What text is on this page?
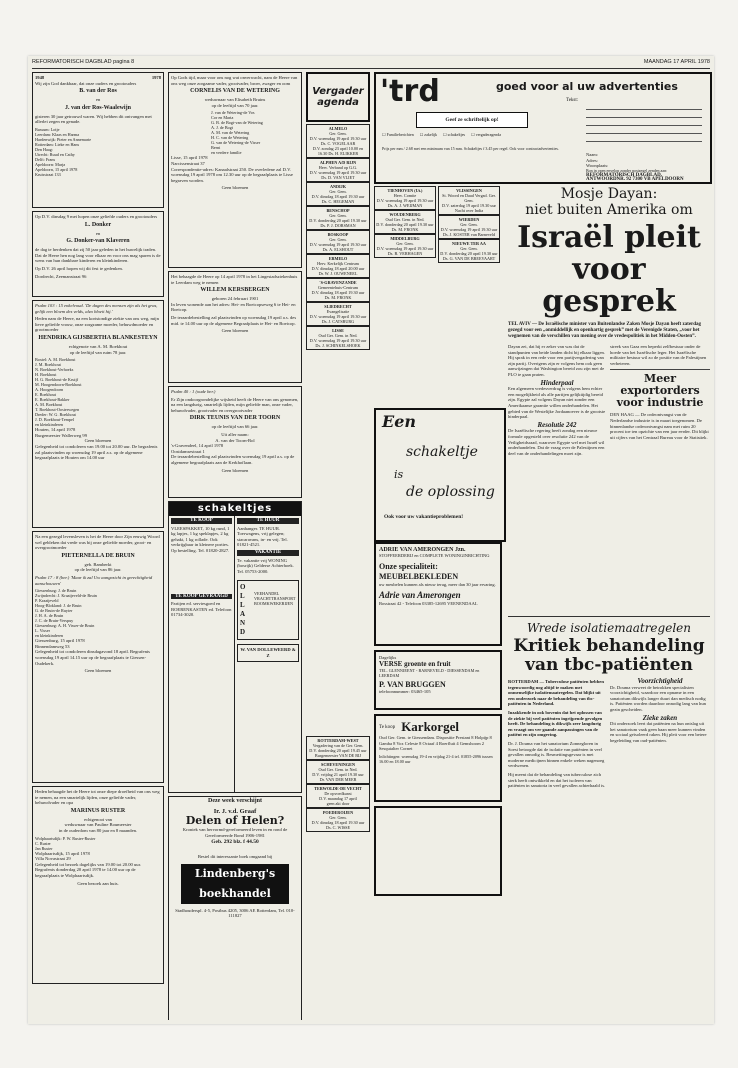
REFORMATORISCH DAGBLAD pagina 8	MAANDAG 17 APRIL 1978
1948	1978

Wij zijn God dankbaar, dat onze ouders en grootouders

B. van der Ros
en
J. van der Ros-Waalewijn

gisteren 30 jaar getrouwd waren. Wij hebben dit ontvangen met allerlei zegen en genade.

Bussum: Lotje
Leerdam: Klaas en Harma
Hardenwijk: Pieter en Annemarie
Rotterdam: Lieke en Hans
Den Haag:
Utrecht: Ruud en Cathy
Delft: Frans
Apeldoorn: Marja
Apeldoorn, 15 april 1978
Kruisstraat 133

Op D.V. dinsdag 9 mei hopen onze geliefde ouders en grootouders

L. Donker
en
G. Donker-van Klaveren

de dag te herdenken dat zij 50 jaar geleden in het huwelijk traden. Dat de Heere hen nog lang voor elkaar en voor ons mag sparen is de wens van hun dankbare kinderen en kleinkinderen.

Op D.V. 26 april hopen wij dit fest te gedenken.

Dordrecht, Zeemanstraat 96

Psalm 103 : 15 enkelvoud. 'De dagen des mensen zijn als het gras, gelijk een bloem des velds, alzo bloeit hij.'

Heden nam de Heere, na een kortstondige ziekte van ons weg, mijn lieve geliefde vrouw, onze zorgzame moeder, behuwdmoeder en grootmoeder

HENDRIKA GIJSBERTHA BLANKESTEYN
echtgenote van A. M. Boekhout

op de leeftijd van ruim 78 jaar.

Boxtel: A. M. Boekhout
J. M. Boekhout
N. Boekhout-Verhoeks
H. Boekhout
H. G. Boekhout-de Kruijf
M. Hoogendoorn-Boekhout
A. Hoogendoorn
E. Boekhout
E. Boekhout-Bakker
A. M. Boekhout
T. Boekhout-Oosterwegen
Dreder: W. G. Boekhout
J. D. Boekhout-Tempel
en kleinkinderen
Houten, 14 april 1978
Burgemeester Wallerweg 99
Geen bloemen

Gelegenheid tot condoleren van 19.00 tot 20.00 uur. De begrafenis zal plaatsvinden op woensdag 19 april a.s. op de algemene begraafplaats te Houten om 14.00 uur

Na een gezegd levensleven is het de Heere door Zijn eeuwig Woord wel gebleken dat vrede was bij onze geliefde moeder, groot- en overgrootmoeder

PIETERNELLA DE BRUIN
geb. Bamberkt

op de leeftijd van 86 jaar.

Psalm 17 : 8 (ber.) 'Maar ik zal Uw aangezicht in gerechtigheid aanschouwen'

Giessenburg: J. de Bruin
Zwijndrecht: J. Kraaijeveld-de Bruin
P. Kraaijeveld
Hoog-Blokland: J. de Bruin
G. de Bruin-de Ruyter
J. H. A. de Bruin
J. C. de Bruin-Verspuy
Giessenburg: A. H. Visser-de Bruin
L. Visser
en kleinkinderen
Giessenburg, 15 april 1978
Binnendamweg 53

Gelegenheid tot condoleren dinsdagavond 18 april. Begrafenis woensdag 19 april 14.15 uur op de begraafplaats te Giessen-Oudekerk.

Geen bloemen

Heden behaagde het de Heere tot onze diepe droefheid van ons weg te nemen, na een smartelijk lijden, onze geliefde vader, behuwdvader en opa

MARINUS RUSTER
echtgenoot van
weduwnaar van Pauline Boumeester

in de ouderdom van 80 jaar en 8 maanden.

Wolphaartsdijk: P. W. Ruster-Ruster
C. Ruster
Jan Ruster
Wolphaartsdijk, 15 april 1978
Villa Novastraat 29

Gelegenheid tot bezoek dagelijks van 19.00 tot 20.00 uur. Begrafenis donderdag 20 april 1978 te 14.00 uur op de begraafplaats te Wolphaartsdijk.

Geen bezoek aan huis.

Op Gods tijd, maar voor ons nog wat onverwacht, nam de Heere van ons weg onze zorgzame vader, grootvader, broer, zwager en oom

CORNELIS VAN DE WETERING
weduwnaar van Elisabeth Bruins

op de leeftijd van 70 jaar.

J. van de Wetering-de Vos
Cor en Maria
G. B. de Bogt-van de Wetering
A. J. de Bogt
A. M. van de Wetering
H. C. van de Wetering
G. van de Wetering-de Visser
Berni
en verdere familie
Lisse, 15 april 1978
Narcissenstraat 37

Correspondentie-adres: Kanaalstraat 250. De overledene zal D.V. woensdag 19 april 1978 om 12.30 uur op de begraafplaats te Lisse begraven worden.

Geen bloemen

Het behaagde de Heere op 14 april 1978 in het Lingestadsziekenhuis te Leerdam weg te nemen

WILLEM KERSBERGEN
geboren 24 februari 1901

In leven wonende aan het adres: Hei- en Boeicopseweg 6 te Hei- en Boeicop.

De teraardebestelling zal plaatsvinden op woensdag 19 april a.s. des mid. te 14.00 uur op de algemene Begraafplaats te Hei- en Boeicop.

Geen bloemen

Psalm 40 : 1 (oude ber.)

Er Zijn ondoorgrondelijke wijsheid heeft de Heere van ons genomen, na een langdurig, smartelijk lijden, mijn geliefde man, onze vader, behuwdvader, grootvader en overgrootvader

DIRK TEUNIS VAN DER TOORN

op de leeftijd van 66 jaar.

Uit aller naam:
A. van der Toorn-Bol
's-Gravendeel, 14 april 1978
Oostdamsestraat 1

De teraardebestelling zal plaatsvinden woensdag 19 april a.s. op de algemene begraafplaats aan de Kerkhoflaan.

Geen bloemen
schakeltjes
TE KOOP

VLEESPAKKET, 10 kg rund, 1 kg lapjes, 1 kg speklapjes, 2 kg gehakt, 1 kg rollade. Ook verkrijgbaar in kleinere porties. Op bestelling. Tel. 01820-2827.

TE KOOP GEVRAAGD

Partijen ed. serviesgoed en BOERENKASTEN ed. Telefoon 01734-3020.

TE HUUR

Aanhanger. TE HUUR. Toerwagens, vrij gelegen; stacaravans, in- en vrij. Tel. 01821-4521.

VAKANTIE

Te. vakantie vrij WONING (bosrijk) Gelderse Achterhoek. Tel. 05753-2000.

O
L
L
A
N
D
VEEHANDEL
VRACHTTRANSPORT
BOOMKWEKERIJEN
W. VAN DOLLEWEERD & Z
Deze week verschijnt
Ir. J. v.d. Graaf
Delen of Helen?

Kroniek van hervormd-gereformeerd leven in en rond de Gereformeerde Bond 1906-1981

Geb. 292 blz. f 44.50

Bestel dit interessante boek omgaand bij

Lindenberg's boekhandel

Stadhouderspl. 4-5, Postbus 4205, 3006 AE Rotterdam, Tel. 010-111827

Vergader agenda
ALMELO
Ger. Gem.
D.V. woensdag 19 april 19.30 uur
Ds. C. VOGELAAR
D.V. zondag 23 april 10.00 en 16.30 Ds. H. ELIKKER
ALPHEN A/D RIJN
Herv. Verband op G.G.
D.V. woensdag 19 april 19.30 uur
Ds. D. VAN VLIET
ANDIJK
Ger. Gem.
D.V. dinsdag 18 april 19.30 uur
Ds. C. HEGEMAN
BENSCHOP
Ger. Gem.
D.V. donderdag 20 april 19.30 uur
Ds. P. J. DORSMAN
BOSKOOP
Ger. Gem.
D.V. woensdag 19 april 19.30 uur
Ds. A. ELSHOUT
ERMELO
Herv. Kerkelijk Centrum
D.V. dinsdag 18 april 20.00 uur
Dr. W. J. OUWENEEL
'S-GRAVENZANDE
Gemeentehuis-Centrum
D.V. dinsdag 18 april 19.30 uur
Ds. M. FRONK
SLIEDRECHT
Evangelisatie
D.V. woensdag 19 april 19.30 uur
Ds. J. CATSBURG
LISSE
Oud Ger. Gem. in Ned.
D.V. woensdag 19 april 19.30 uur
Ds. J. SCHINKELSHOEK
ROTTERDAM-WEST
Vergadering van de Ger. Gem.
D.V. donderdag 20 april 19.45 uur
Burgemeester VAN DE BIJ
SCHEVENINGEN
Oud Ger. Gem. in Ned.
D.V. vrijdag 21 april 19.30 uur
Dr. VAN DER MEER
TERWOLDE-DE VECHT
De opvoedkunst
D.V. maandag 17 april
geen akt door
POEDEROIJEN
Ger. Gem.
D.V. dinsdag 18 april 19.30 uur
Ds. C. WISSE
TIENHOVEN (Ut.)
Herv. Comite
D.V. woensdag 19 april 19.30 uur
Ds. A. J. WEIJMAN
WOUDENBERG
Oud Ger. Gem. in Ned.
D.V. donderdag 20 april 19.30 uur
Ds. M. FRONK
MIDDELBURG
Ger. Gem.
D.V. woensdag 19 april 19.30 uur
Ds. B. VERHAGEN
VLISSINGEN
St. Woord en Daad Vergad. Ger. Gem.
D.V. zaterdag 19 april 19.30 uur
Nacht over India
WIERDEN
Ger. Gem.
D.V. woensdag 19 april 19.30 uur
Ds. J. KOSTER van Barneveld
NIEUWE TER AA
Ger. Gem.
D.V. donderdag 20 april 19.30 uur
Ds. G. VAN DE BREEVAART
'trd	goed voor al uw advertenties
Tekst:
Geef ze schriftelijk op!
☐ Familieberichten ☐ zakelijk ☐ schakeltjes ☐ vergaderagenda
Prijs per mm / 2.68 met een minimum van 15 mm. Schakeltjes f 3.45 per regel. Ook voor contractadvertenties.
Naam:
Adres:
Woonplaats:
Bon in open envelop zonder postzegel zenden aan:
REFORMATORISCH DAGBLAD,
ANTWOORDNR. 92 7300 VB APELDOORN
Een
schakeltje
is
de oplossing
Ook voor uw vakantieproblemen!
ADRIE VAN AMERONGEN Jzn.
STOFFEERDERIJ en COMPLETE WONINGINRICHTING
Onze specialiteit: MEUBELBEKLEDEN
uw meubelen kunnen als nieuw terug, meer dan 30 jaar ervaring.
Adrie van Amerongen
Bosstraat 42 - Telefoon 03385-12695 VEENENDAAL
Dagelijks
VERSE groente en fruit
TEL. GLENNIEENT - BARNEVELD - DIESSENDAM en LEERDAM
P. VAN BRUGGEN
telefoonnummer: 03465-105
Te koop Karkorgel
Oud Ger. Gem. te Giessendam. Dispositie Prestant 8 Holpijp 8 Gamba 8 Vox Celeste 8 Octaaf 4 Roerfluit 4 Gemshoorn 2 Sesquialter Cornet
Inlichtingen: woensdag 19-4 en vrijdag 21-4 tel. 01855-2096 tussen 16.00 en 18.00 uur
Mosje Dayan:
niet buiten Amerika om
Israël pleit voor gesprek

TEL AVIV — De Israëlische minister van Buitenlandse Zaken Mosje Dayan heeft zaterdag gezegd voor een „onmiddellijk en openhartig gesprek” met de Verenigde Staten, „voor het wegnemen van de verschillen van mening over de vredespolitiek in het Midden-Oosten”.

Dayan zei, dat hij er zeker van was dat de standpunten van beide landen dicht bij elkaar liggen. Hij sprak in een rede voor een partijvergadering van zijn partij. Overigens zijn er volgens hem ook geen aanwijzingen dat Washington bereid zou zijn met de PLO te gaan praten.

Hinderpaal

Een algemeen vredesverdrag is volgens hem echter een mogelijkheid als alle partijen gelijktijdig bereid zijn. Egypte zal volgens Dayan niet zonder een Amerikaanse garantie willen onderhandelen. Het gebied van de Westelijke Jordaanoever is de grootste hinderpaal.

Resolutie 242

De Israëlische regering heeft zondag een nieuwe formule opgesteld over resolutie 242 van de Veiligheidsraad, waarover Egypte wel met Israël wil onderhandelen. Dat de vraag over de Palestijnen een deel van de onderhandelingen moet zijn.

streek van Gaza een beperkt zelfbestuur onder de hoede van het Israëlische leger. Het Israëlische militaire bestuur wil zo de positie van de Palestijnen verbeteren.

Meer exportorders voor industrie

DEN HAAG — De ordeontvangst van de Nederlandse industrie is in maart toegenomen. De binnenlandse orderontvangst nam met ruim 20 procent toe ten opzichte van een jaar eerder. Dit blijkt uit cijfers van het Centraal Bureau voor de Statistiek.

Wrede isolatiemaatregelen
Kritiek behandeling van tbc-patiënten

ROTTERDAM — Tuberculose patiënten hebben tegenwoordig nog altijd te maken met onmenselijke isolatiemaatregelen. Dat blijkt uit een onderzoek naar de behandeling van tbc-patiënten in Nederland.

Inzakkende in ook bovenin dat het oplossen van de ziekte bij veel patiënten ingrijpende gevolgen heeft. De behandeling is dikwijls zeer langdurig en vraagt om ver gaande aanpassingen van de patiënt en zijn omgeving.

Dr. J. Douma van het sanatorium Zonnegloren in Soest betoogde dat de isolatie van patiënten in veel gevallen onnodig is. Besmettingsgevaar is met moderne medicijnen binnen enkele weken nagenoeg verdwenen.

Hij meent dat de behandeling van tuberculose zich sterk heeft ontwikkeld en dat het isoleren van patiënten in sanatoria in veel gevallen achterhaald is.

Voorzichtigheid

Dr. Douma verweet de betrokken specialisten voorzichtigheid, waardoor een opname in een sanatorium dikwijls langer duurt dan medisch nodig is. Patiënten worden daardoor onnodig lang van hun gezin gescheiden.

Zieke zaken

Dit onderzoek leert dat patiënten na hun ontslag uit het sanatorium vaak geen baan meer kunnen vinden en sociaal geïsoleerd raken. Hij pleit voor een betere begeleiding van oud-patiënten.
